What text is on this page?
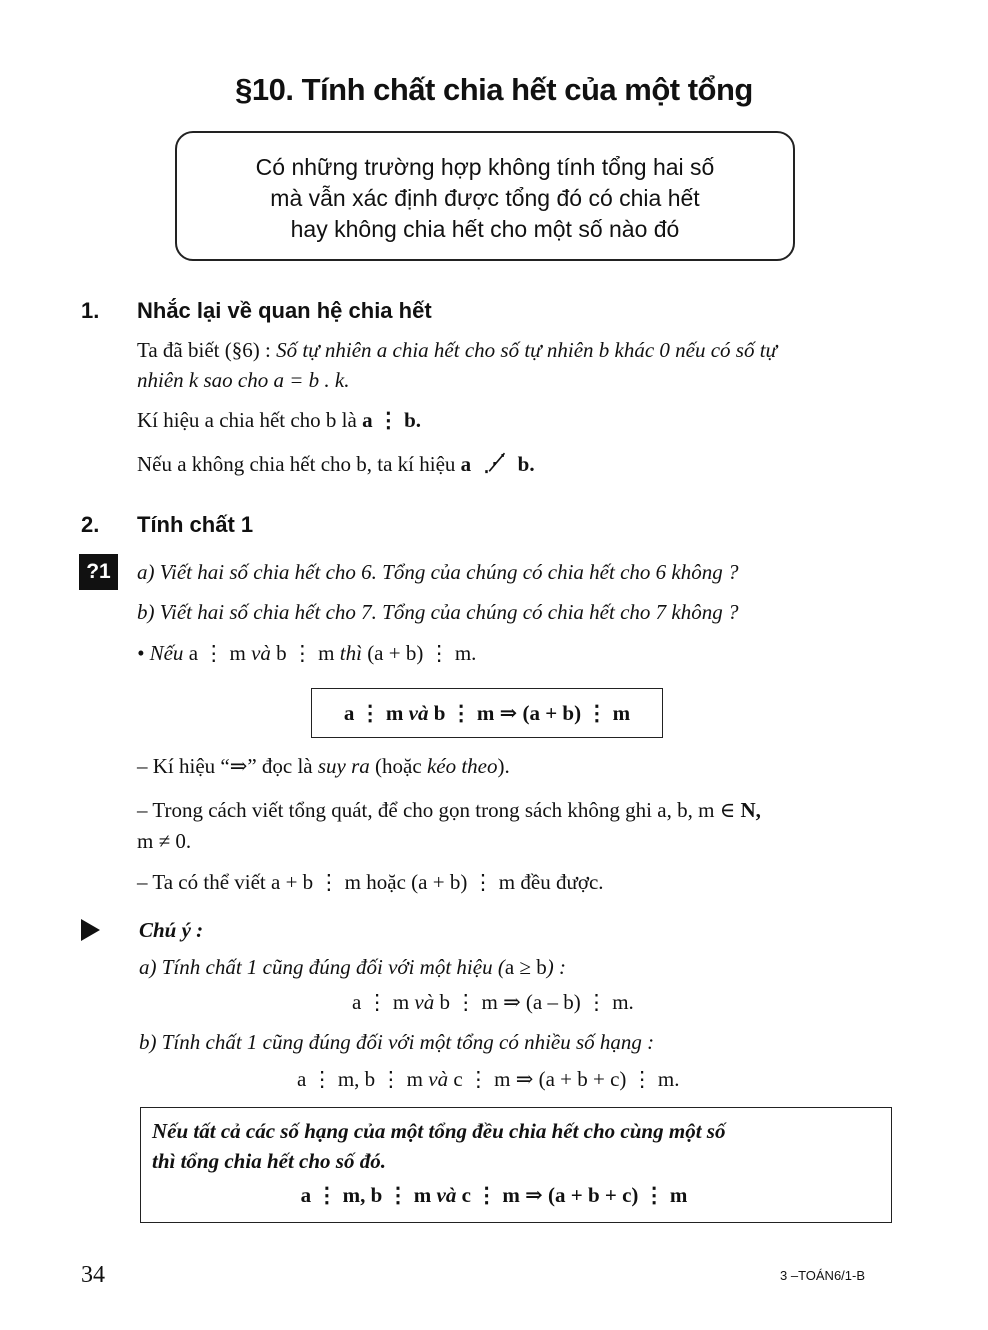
§10. Tính chất chia hết của một tổng
Có những trường hợp không tính tổng hai số
mà vẫn xác định được tổng đó có chia hết
hay không chia hết cho một số nào đó
1. Nhắc lại về quan hệ chia hết
Ta đã biết (§6) : Số tự nhiên a chia hết cho số tự nhiên b khác 0 nếu có số tự
nhiên k sao cho a = b . k.
Kí hiệu a chia hết cho b là a ⋮ b.
Nếu a không chia hết cho b, ta kí hiệu a ⋰̸ b.
2. Tính chất 1
?1	a) Viết hai số chia hết cho 6. Tổng của chúng có chia hết cho 6 không ?
b) Viết hai số chia hết cho 7. Tổng của chúng có chia hết cho 7 không ?
• Nếu a ⋮ m và b ⋮ m thì (a + b) ⋮ m.
a ⋮ m và b ⋮ m ⇒ (a + b) ⋮ m
– Kí hiệu “⇒” đọc là suy ra (hoặc kéo theo).
– Trong cách viết tổng quát, để cho gọn trong sách không ghi a, b, m ∈ N,
m ≠ 0.
– Ta có thể viết a + b ⋮ m hoặc (a + b) ⋮ m đều được.
Chú ý :
a) Tính chất 1 cũng đúng đối với một hiệu (a ≥ b) :
a ⋮ m và b ⋮ m ⇒ (a – b) ⋮ m.
b) Tính chất 1 cũng đúng đối với một tổng có nhiều số hạng :
a ⋮ m, b ⋮ m và c ⋮ m ⇒ (a + b + c) ⋮ m.
Nếu tất cả các số hạng của một tổng đều chia hết cho cùng một số
thì tổng chia hết cho số đó.
a ⋮ m, b ⋮ m và c ⋮ m ⇒ (a + b + c) ⋮ m
34	3 –TOÁN6/1-B
